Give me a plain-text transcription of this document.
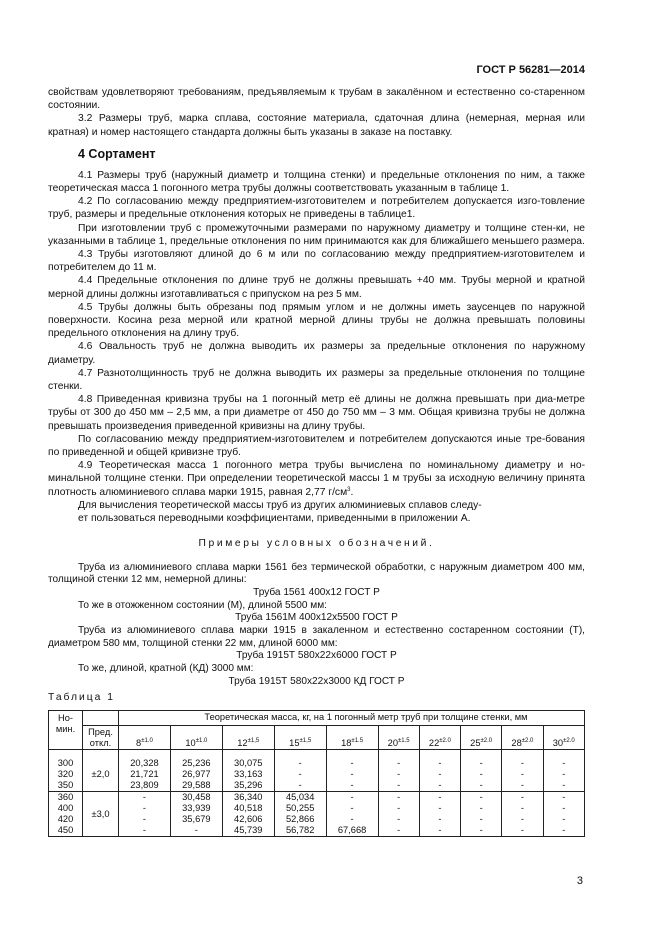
ГОСТ Р 56281—2014

свойствам удовлетворяют требованиям, предъявляемым к трубам в закалённом и естественно со-старенном состоянии.

3.2 Размеры труб, марка сплава, состояние материала, сдаточная длина (немерная, мерная или кратная) и номер настоящего стандарта должны быть указаны в заказе на поставку.

4 Сортамент

4.1 Размеры труб (наружный диаметр и толщина стенки) и предельные отклонения по ним, а также теоретическая масса 1 погонного метра трубы должны соответствовать указанным в таблице 1.

4.2 По согласованию между предприятием-изготовителем и потребителем допускается изго-товление труб, размеры и предельные отклонения которых не приведены в таблице1.

При изготовлении труб с промежуточными размерами по наружному диаметру и толщине стен-ки, не указанными в таблице 1, предельные отклонения по ним принимаются как для ближайшего меньшего размера.

4.3 Трубы изготовляют длиной до 6 м или по согласованию между предприятием-изготовителем и потребителем до 11 м.

4.4 Предельные отклонения по длине труб не должны превышать +40 мм. Трубы мерной и кратной мерной длины должны изготавливаться с припуском на рез 5 мм.

4.5 Трубы должны быть обрезаны под прямым углом и не должны иметь заусенцев по наружной поверхности. Косина реза мерной или кратной мерной длины трубы не должна превышать половины предельного отклонения на длину труб.

4.6 Овальность труб не должна выводить их размеры за предельные отклонения по наружному диаметру.

4.7 Разнотолщинность труб не должна выводить их размеры за предельные отклонения по толщине стенки.

4.8 Приведенная кривизна трубы на 1 погонный метр её длины не должна превышать при диа-метре трубы от 300 до 450 мм – 2,5 мм, а при диаметре от 450 до 750 мм – 3 мм. Общая кривизна трубы не должна превышать произведения приведенной кривизны на длину трубы.

По согласованию между предприятием-изготовителем и потребителем допускаются иные тре-бования по приведенной и общей кривизне труб.

4.9 Теоретическая масса 1 погонного метра трубы вычислена по номинальному диаметру и но-минальной толщине стенки. При определении теоретической массы 1 м трубы за исходную величину принята плотность алюминиевого сплава марки 1915, равная 2,77 $г/см^3$.

Для вычисления теоретической массы труб из других алюминиевых сплавов следу-

ет пользоваться переводными коэффициентами, приведенными в приложении А.

Примеры условных обозначений.

Труба из алюминиевого сплава марки 1561 без термической обработки, с наружным диаметром 400 мм, толщиной стенки 12 мм, немерной длины:

Труба 1561 400х12 ГОСТ Р

То же в отожженном состоянии (М), длиной 5500 мм:

Труба 1561М 400х12х5500 ГОСТ Р

Труба из алюминиевого сплава марки 1915 в закаленном и естественно состаренном состоянии (Т), диаметром 580 мм, толщиной стенки 22 мм, длиной 6000 мм:

Труба 1915Т 580х22х6000 ГОСТ Р

То же, длиной, кратной (КД) 3000 мм:

Труба 1915Т 580х22х3000 КД ГОСТ Р

Таблица 1
Но-мин.		Теоретическая масса, кг, на 1 погонный метр труб при толщине стенки, мм									
	Пред. откл.	$8^{\pm 1.0}$	$10^{\pm 1.0}$	$12^{\pm 1,5}$	$15^{\pm 1,5}$	$18^{\pm 1.5}$	$20^{\pm 1.5}$	$22^{\pm 2.0}$	$25^{\pm 2.0}$	$28^{\pm 2.0}$	$30^{\pm 2.0}$

300	±2,0	20,328	25,236	30,075	-	-	-	-	-	-	-
320		21,721	26,977	33,163	-	-	-	-	-	-	-
350		23,809	29,588	35,296	-	-	-	-	-	-	-
360	±3,0	-	30,458	36,340	45,034	-	-	-	-	-	-
400		-	33,939	40,518	50,255	-	-	-	-	-	-
420		-	35,679	42,606	52,866	-	-	-	-	-	-
450		-	-	45,739	56,782	67,668	-	-	-	-	-
3
